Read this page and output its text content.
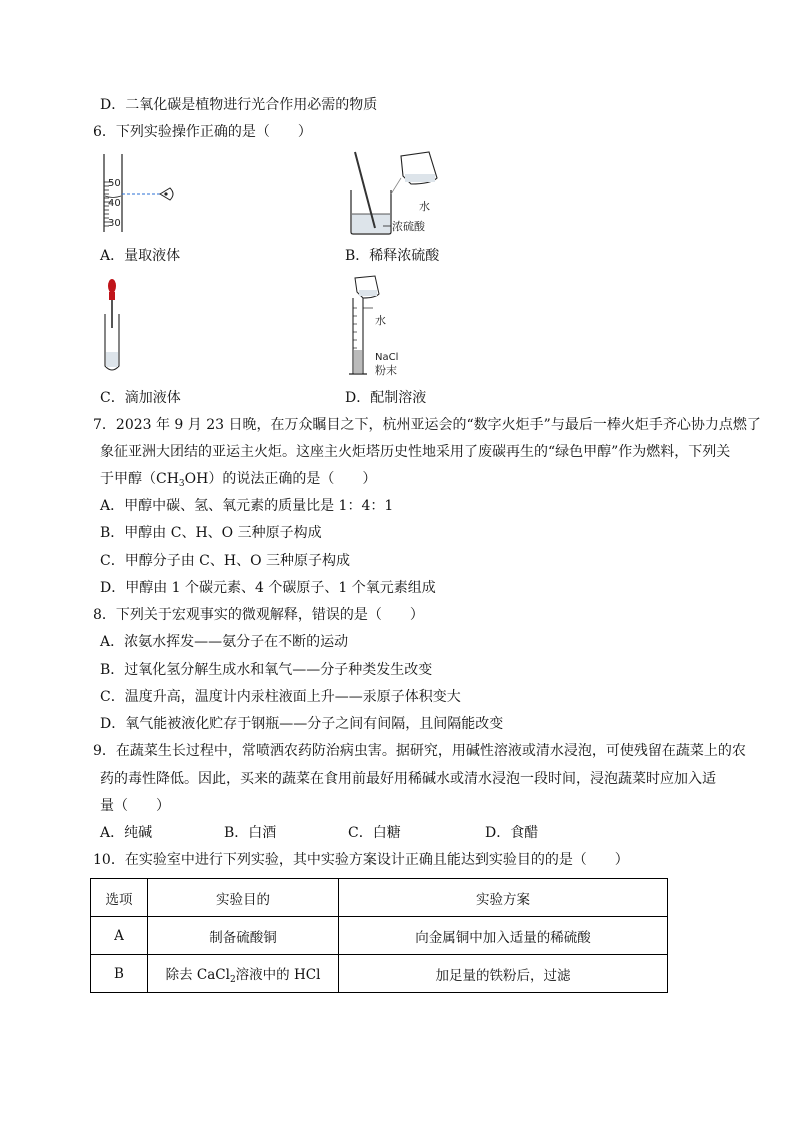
D．二氧化碳是植物进行光合作用必需的物质
6．下列实验操作正确的是（　　）
50
40
30
A．量取液体
水
浓硫酸
B．稀释浓硫酸
C．滴加液体
水
NaCl
粉末
D．配制溶液
7．2023 年 9 月 23 日晚，在万众瞩目之下，杭州亚运会的“数字火炬手”与最后一棒火炬手齐心协力点燃了
象征亚洲大团结的亚运主火炬。这座主火炬塔历史性地采用了废碳再生的“绿色甲醇”作为燃料，下列关
于甲醇$(CH_3OH)$的说法正确的是（　　）
A．甲醇中碳、氢、氧元素的质量比是 1：4：1
B．甲醇由 C、H、O 三种原子构成
C．甲醇分子由 C、H、O 三种原子构成
D．甲醇由 1 个碳元素、4 个碳原子、1 个氧元素组成
8．下列关于宏观事实的微观解释，错误的是（　　）
A．浓氨水挥发——氨分子在不断的运动
B．过氧化氢分解生成水和氧气——分子种类发生改变
C．温度升高，温度计内汞柱液面上升——汞原子体积变大
D．氧气能被液化贮存于钢瓶——分子之间有间隔，且间隔能改变
9．在蔬菜生长过程中，常喷洒农药防治病虫害。据研究，用碱性溶液或清水浸泡，可使残留在蔬菜上的农
药的毒性降低。因此，买来的蔬菜在食用前最好用稀碱水或清水浸泡一段时间，浸泡蔬菜时应加入适
量（　　）
A．纯碱	B．白酒	C．白糖	D．食醋
10．在实验室中进行下列实验，其中实验方案设计正确且能达到实验目的的是（　　）
选项	实验目的	实验方案
A	制备硫酸铜	向金属铜中加入适量的稀硫酸
B	除去 CaCl$_2$溶液中的 HCl	加足量的铁粉后，过滤
